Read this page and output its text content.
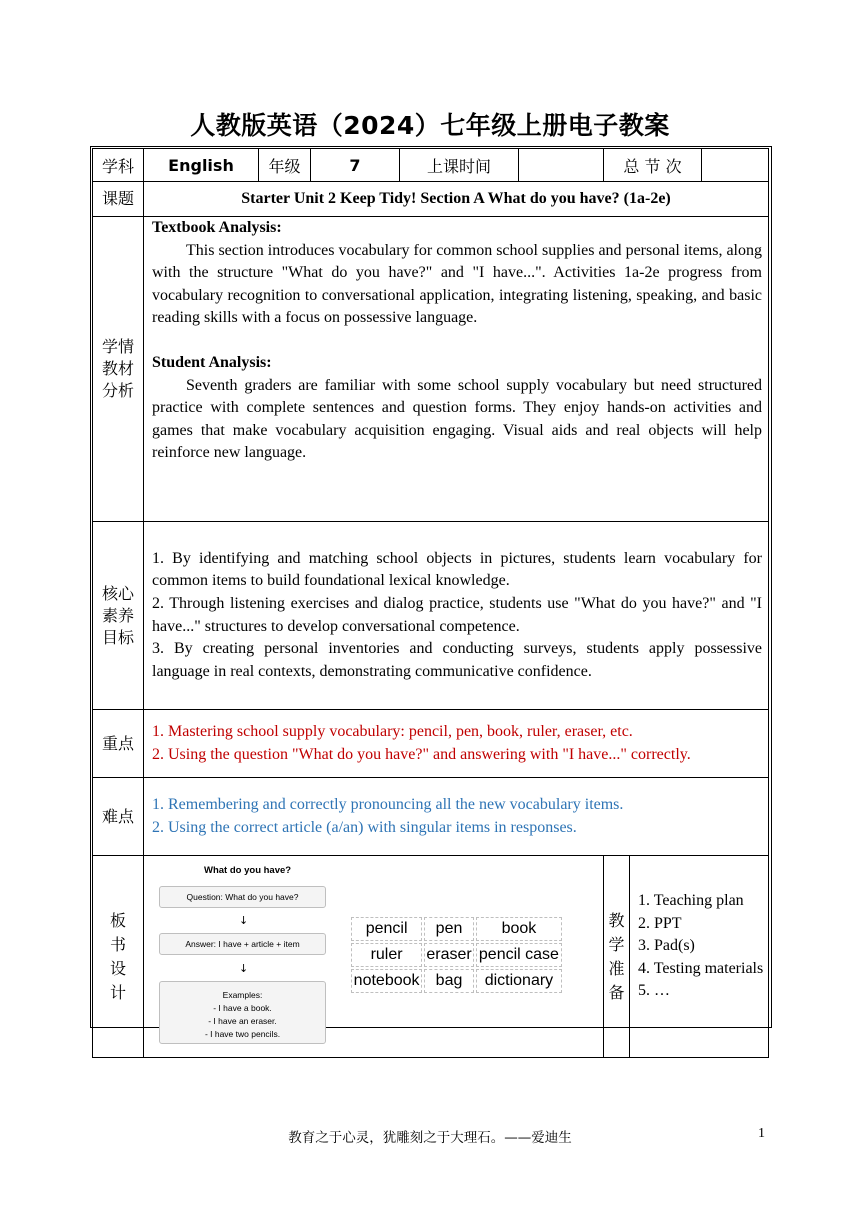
人教版英语（2024）七年级上册电子教案
学科	English	年级	7	上课时间		总 节 次	
课题	Starter Unit 2 Keep Tidy! Section A What do you have? (1a-2e)

学情
教材
分析

Textbook Analysis:

This section introduces vocabulary for common school supplies and personal items, along with the structure "What do you have?" and "I have...". Activities 1a-2e progress from vocabulary recognition to conversational application, integrating listening, speaking, and basic reading skills with a focus on possessive language.

Student Analysis:

Seventh graders are familiar with some school supply vocabulary but need structured practice with complete sentences and question forms. They enjoy hands-on activities and games that make vocabulary acquisition engaging. Visual aids and real objects will help reinforce new language.

核心
素养
目标

1. By identifying and matching school objects in pictures, students learn vocabulary for common items to build foundational lexical knowledge.

2. Through listening exercises and dialog practice, students use "What do you have?" and "I have..." structures to develop conversational competence.

3. By creating personal inventories and conducting surveys, students apply possessive language in real contexts, demonstrating communicative confidence.

重点	

1. Mastering school supply vocabulary: pencil, pen, book, ruler, eraser, etc.

2. Using the question "What do you have?" and answering with "I have..." correctly.

难点	

1. Remembering and correctly pronouncing all the new vocabulary items.

2. Using the correct article (a/an) with singular items in responses.

板
书
设
计

What do you have?
Question: What do you have?
↓
Answer: I have + article + item
↓
Examples:
- I have a book.
- I have an eraser.
- I have two pencils.
pencil	pen	book
ruler	eraser	pencil case
notebook	bag	dictionary

教
学
准
备

1. Teaching plan
2. PPT
3. Pad(s)
4. Testing materials
5. …
教育之于心灵，犹雕刻之于大理石。——爱迪生	1
